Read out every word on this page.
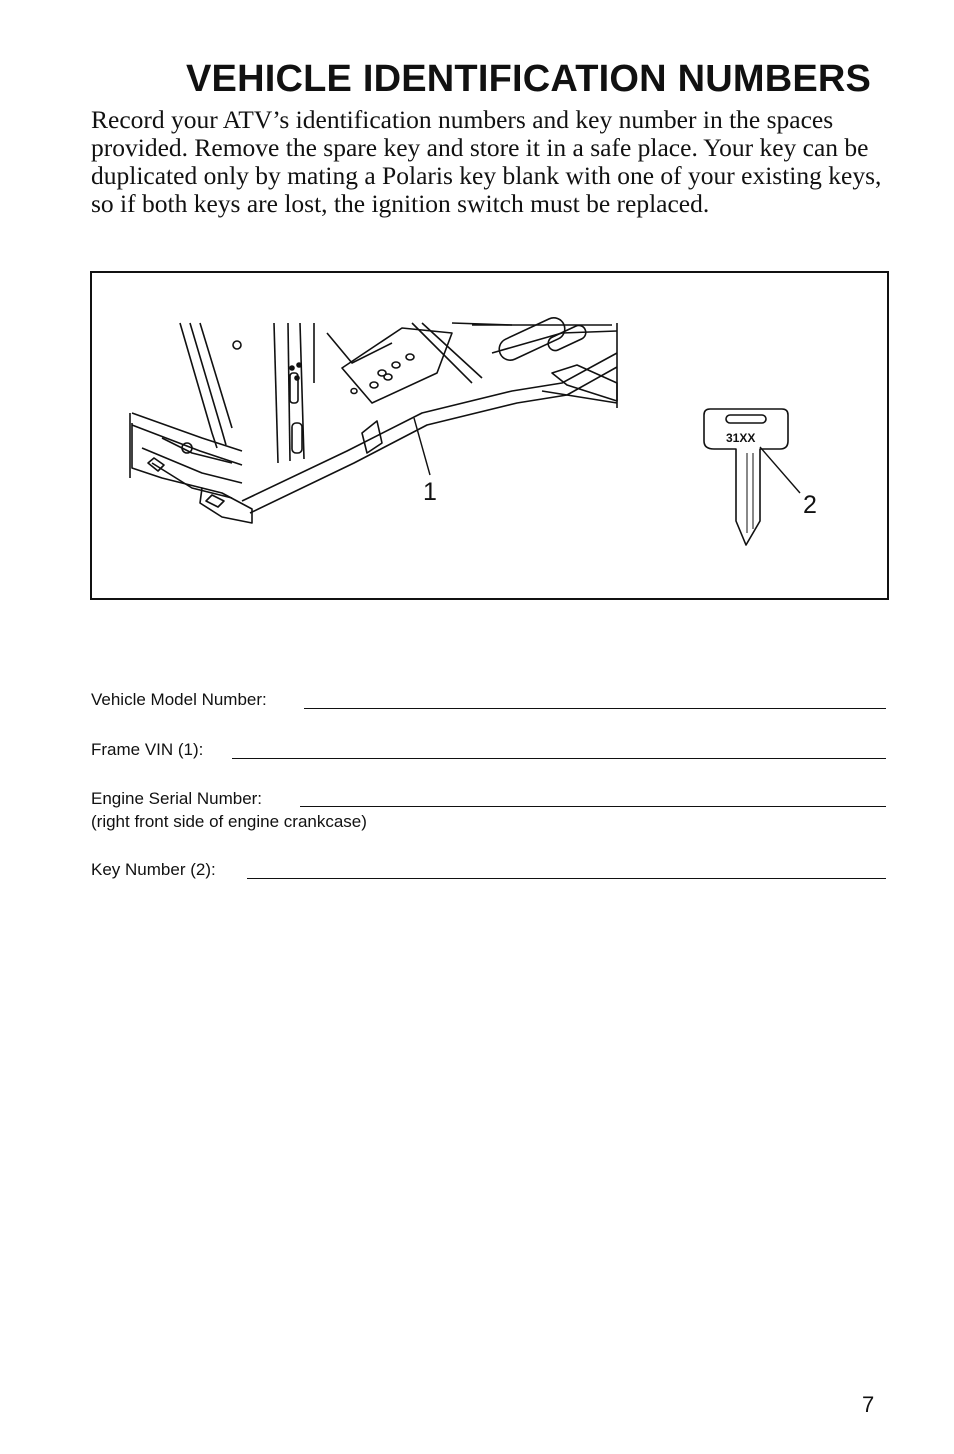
VEHICLE IDENTIFICATION NUMBERS
Record your ATV’s identification numbers and key number in the spaces provided. Remove the spare key and store it in a safe place. Your key can be duplicated only by mating a Polaris key blank with one of your existing keys, so if both keys are lost, the ignition switch must be replaced.
31XX
1	2
Vehicle Model Number:
Frame VIN (1):
Engine Serial Number:
(right front side of engine crankcase)
Key Number (2):
7
